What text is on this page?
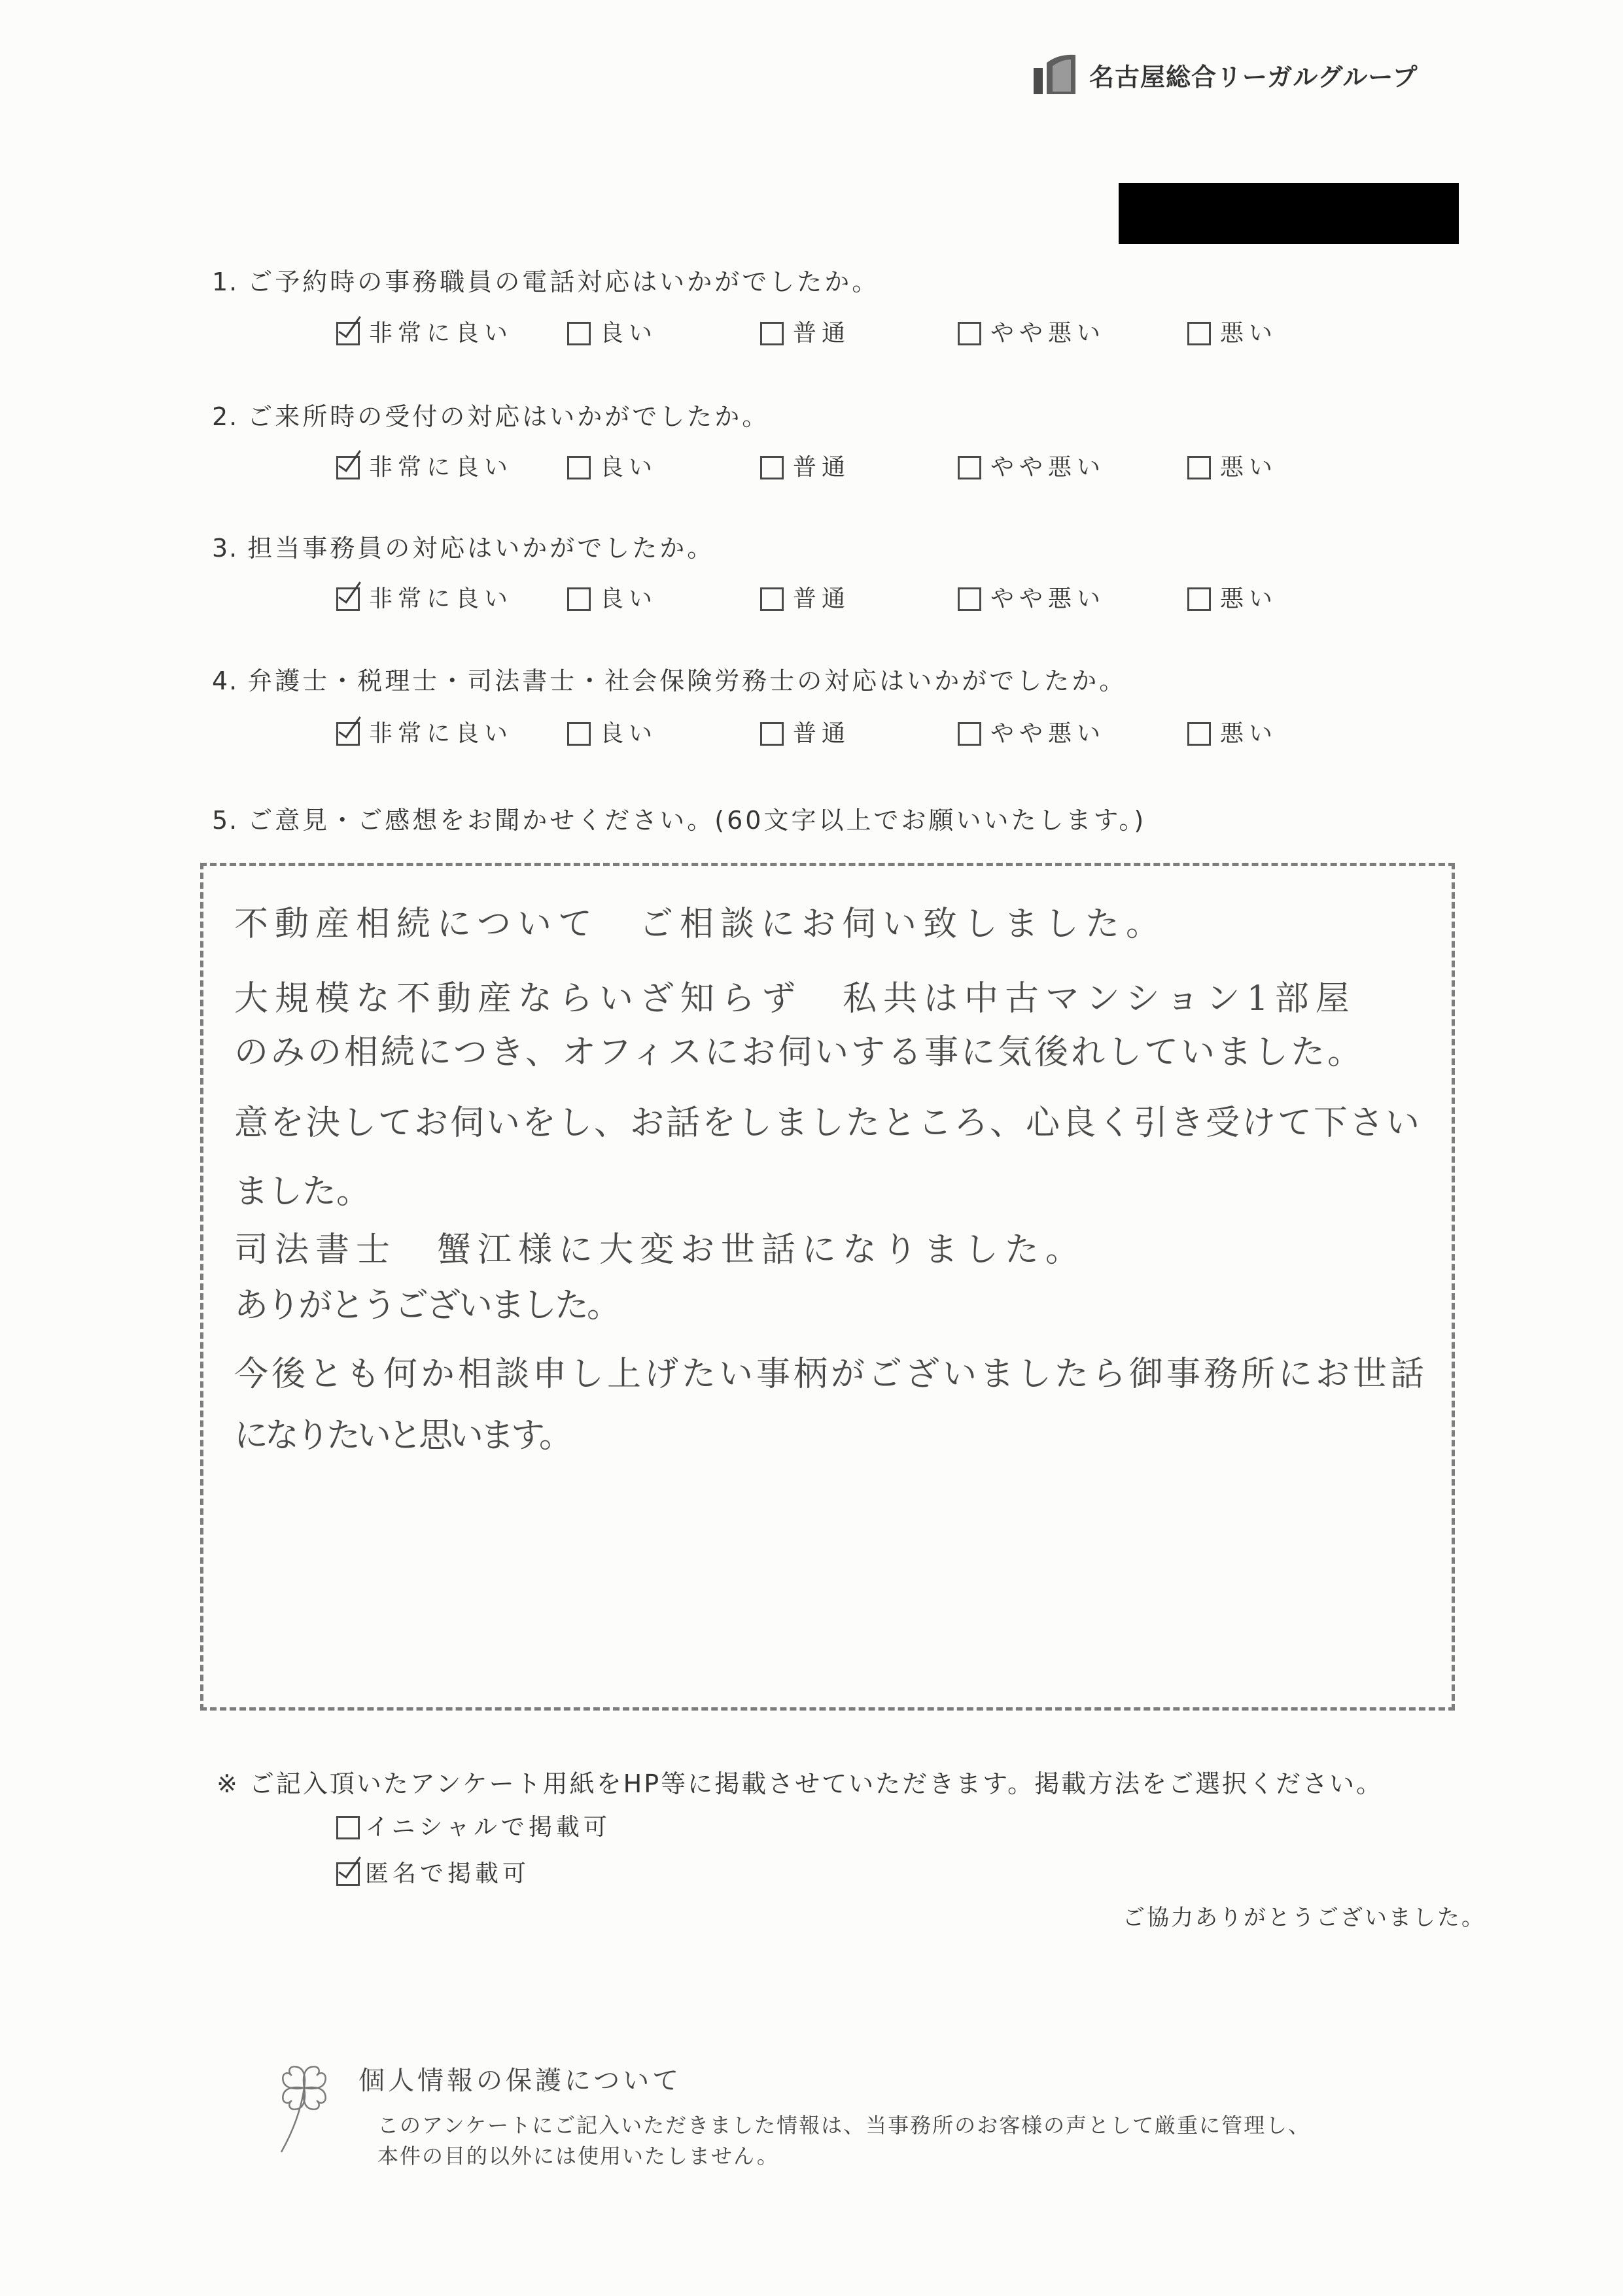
名古屋総合リーガルグループ
1. ご予約時の事務職員の電話対応はいかがでしたか。
非常に良い	良い	普通	やや悪い	悪い
2. ご来所時の受付の対応はいかがでしたか。
非常に良い	良い	普通	やや悪い	悪い
3. 担当事務員の対応はいかがでしたか。
非常に良い	良い	普通	やや悪い	悪い
4. 弁護士・税理士・司法書士・社会保険労務士の対応はいかがでしたか。
非常に良い	良い	普通	やや悪い	悪い
5. ご意見・ご感想をお聞かせください。(60文字以上でお願いいたします。)
不動産相続について　ご相談にお伺い致しました。
大規模な不動産ならいざ知らず　私共は中古マンション1部屋
のみの相続につき、オフィスにお伺いする事に気後れしていました。
意を決してお伺いをし、お話をしましたところ、心良く引き受けて下さい
ました。
司法書士　蟹江様に大変お世話になりました。
ありがとうございました。
今後とも何か相談申し上げたい事柄がございましたら御事務所にお世話
になりたいと思います。
※ ご記入頂いたアンケート用紙をHP等に掲載させていただきます。掲載方法をご選択ください。
イニシャルで掲載可
匿名で掲載可
ご協力ありがとうございました。
個人情報の保護について
このアンケートにご記入いただきました情報は、当事務所のお客様の声として厳重に管理し、
本件の目的以外には使用いたしません。
